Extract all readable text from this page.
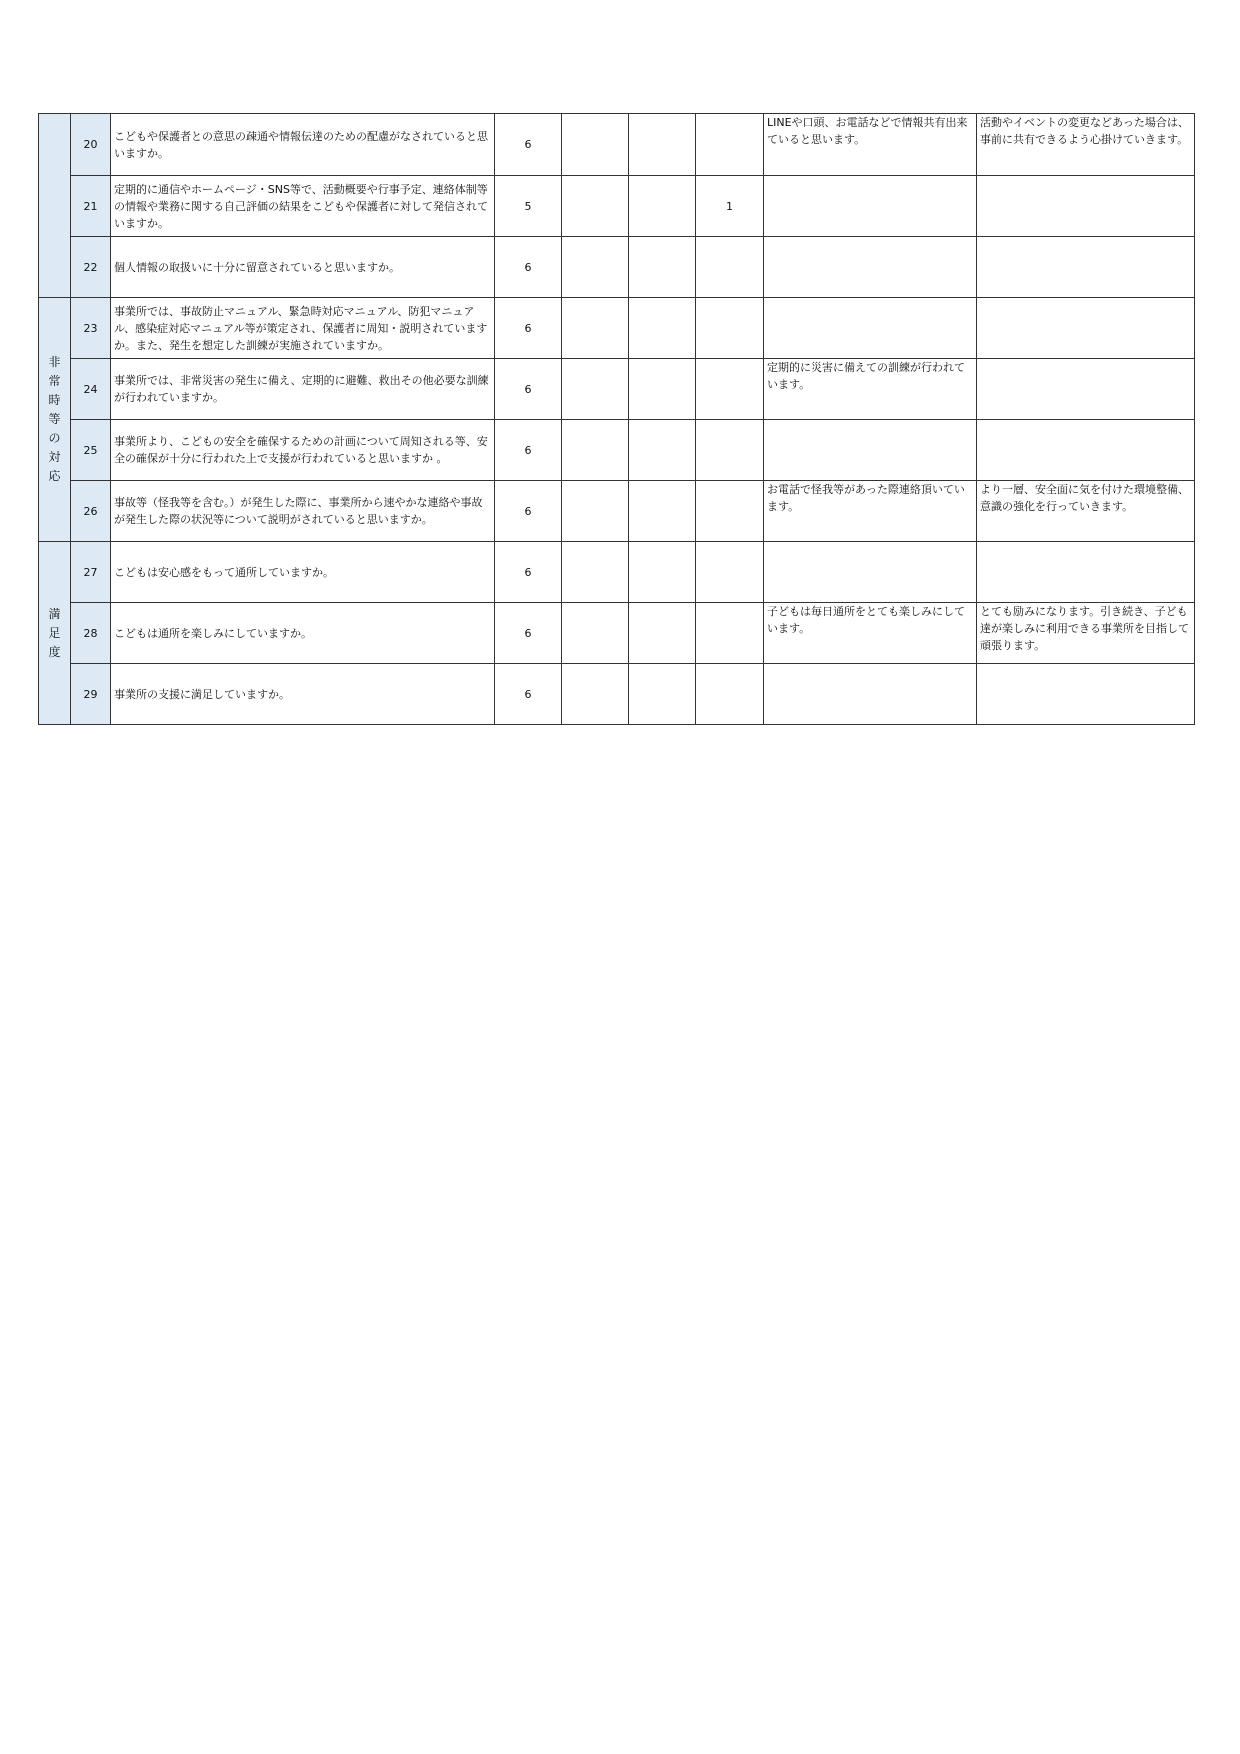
	20	こどもや保護者との意思の疎通や情報伝達のための配慮がなされていると思いますか。	6				LINEや口頭、お電話などで情報共有出来ていると思います。	活動やイベントの変更などあった場合は、事前に共有できるよう心掛けていきます。
	21	定期的に通信やホームページ・SNS等で、活動概要や行事予定、連絡体制等の情報や業務に関する自己評価の結果をこどもや保護者に対して発信されていますか。	5			1		
	22	個人情報の取扱いに十分に留意されていると思いますか。	6					
非常時等の対応	23	事業所では、事故防止マニュアル、緊急時対応マニュアル、防犯マニュアル、感染症対応マニュアル等が策定され、保護者に周知・説明されていますか。また、発生を想定した訓練が実施されていますか。	6					
	24	事業所では、非常災害の発生に備え、定期的に避難、救出その他必要な訓練が行われていますか。	6				定期的に災害に備えての訓練が行われています。	
	25	事業所より、こどもの安全を確保するための計画について周知される等、安全の確保が十分に行われた上で支援が行われていると思いますか 。	6					
	26	事故等（怪我等を含む。）が発生した際に、事業所から速やかな連絡や事故が発生した際の状況等について説明がされていると思いますか。	6				お電話で怪我等があった際連絡頂いています。	より一層、安全面に気を付けた環境整備、意識の強化を行っていきます。
満足度	27	こどもは安心感をもって通所していますか。	6					
	28	こどもは通所を楽しみにしていますか。	6				子どもは毎日通所をとても楽しみにしています。	とても励みになります。引き続き、子ども達が楽しみに利用できる事業所を目指して頑張ります。
	29	事業所の支援に満足していますか。	6					
